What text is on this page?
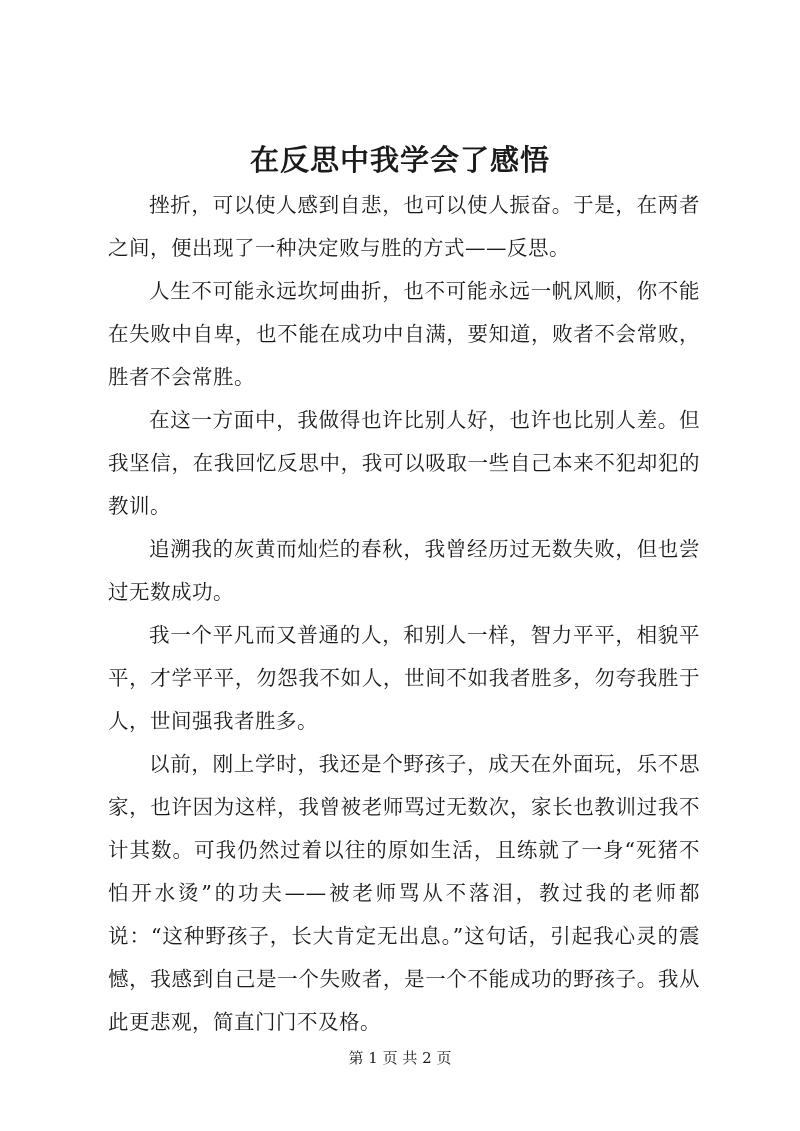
在反思中我学会了感悟

挫折，可以使人感到自悲，也可以使人振奋。于是，在两者之间，便出现了一种决定败与胜的方式——反思。

人生不可能永远坎坷曲折，也不可能永远一帆风顺，你不能在失败中自卑，也不能在成功中自满，要知道，败者不会常败，胜者不会常胜。

在这一方面中，我做得也许比别人好，也许也比别人差。但我坚信，在我回忆反思中，我可以吸取一些自己本来不犯却犯的教训。

追溯我的灰黄而灿烂的春秋，我曾经历过无数失败，但也尝过无数成功。

我一个平凡而又普通的人，和别人一样，智力平平，相貌平平，才学平平，勿怨我不如人，世间不如我者胜多，勿夸我胜于人，世间强我者胜多。

以前，刚上学时，我还是个野孩子，成天在外面玩，乐不思家，也许因为这样，我曾被老师骂过无数次，家长也教训过我不计其数。可我仍然过着以往的原如生活，且练就了一身“死猪不怕开水烫”的功夫——被老师骂从不落泪，教过我的老师都说：“这种野孩子，长大肯定无出息。”这句话，引起我心灵的震憾，我感到自己是一个失败者，是一个不能成功的野孩子。我从此更悲观，简直门门不及格。

第 1 页 共 2 页
